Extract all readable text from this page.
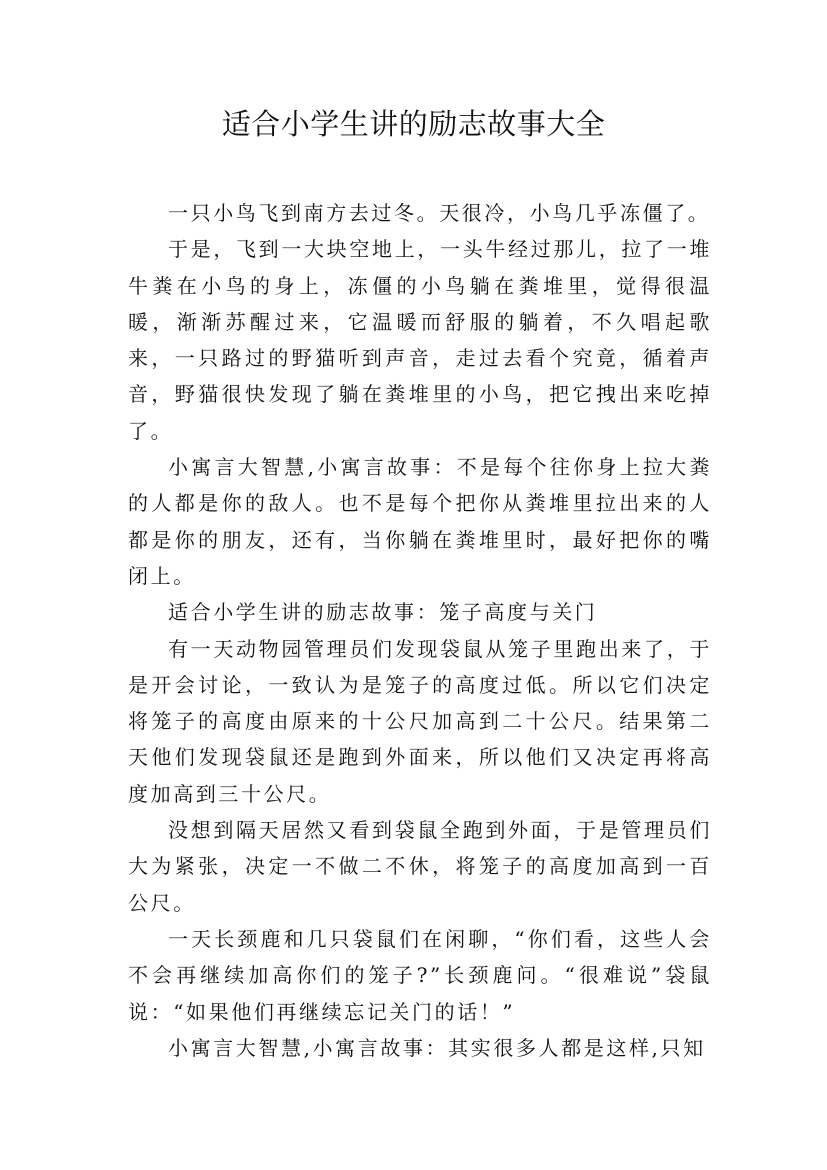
适合小学生讲的励志故事大全

一只小鸟飞到南方去过冬。天很冷，小鸟几乎冻僵了。

于是，飞到一大块空地上，一头牛经过那儿，拉了一堆牛粪在小鸟的身上，冻僵的小鸟躺在粪堆里，觉得很温暖，渐渐苏醒过来，它温暖而舒服的躺着，不久唱起歌来，一只路过的野猫听到声音，走过去看个究竟，循着声音，野猫很快发现了躺在粪堆里的小鸟，把它拽出来吃掉了。

小寓言大智慧,小寓言故事：不是每个往你身上拉大粪的人都是你的敌人。也不是每个把你从粪堆里拉出来的人都是你的朋友，还有，当你躺在粪堆里时，最好把你的嘴闭上。

适合小学生讲的励志故事：笼子高度与关门

有一天动物园管理员们发现袋鼠从笼子里跑出来了，于是开会讨论，一致认为是笼子的高度过低。所以它们决定将笼子的高度由原来的十公尺加高到二十公尺。结果第二天他们发现袋鼠还是跑到外面来，所以他们又决定再将高度加高到三十公尺。

没想到隔天居然又看到袋鼠全跑到外面，于是管理员们大为紧张，决定一不做二不休，将笼子的高度加高到一百公尺。

一天长颈鹿和几只袋鼠们在闲聊，“你们看，这些人会不会再继续加高你们的笼子?”长颈鹿问。“很难说”袋鼠说：“如果他们再继续忘记关门的话！”

小寓言大智慧,小寓言故事：其实很多人都是这样,只知
